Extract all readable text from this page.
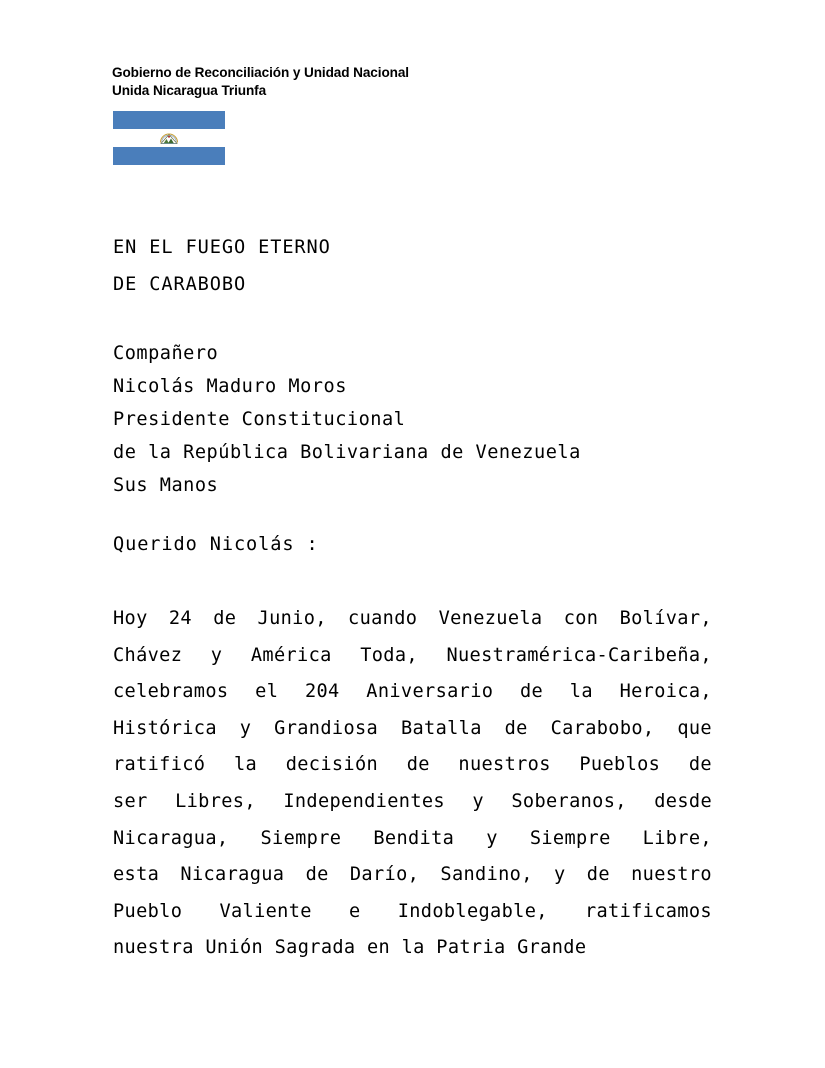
Gobierno de Reconciliación y Unidad Nacional
Unida Nicaragua Triunfa
EN EL FUEGO ETERNO
DE CARABOBO
Compañero
Nicolás Maduro Moros
Presidente Constitucional
de la República Bolivariana de Venezuela
Sus Manos
Querido Nicolás :
Hoy 24 de Junio, cuando Venezuela con Bolívar,
Chávez y América Toda, Nuestramérica-Caribeña,
celebramos el 204 Aniversario de la Heroica,
Histórica y Grandiosa Batalla de Carabobo, que
ratificó la decisión de nuestros Pueblos de
ser Libres, Independientes y Soberanos, desde
Nicaragua, Siempre Bendita y Siempre Libre,
esta Nicaragua de Darío, Sandino, y de nuestro
Pueblo Valiente e Indoblegable, ratificamos
nuestra Unión Sagrada en la Patria Grande
